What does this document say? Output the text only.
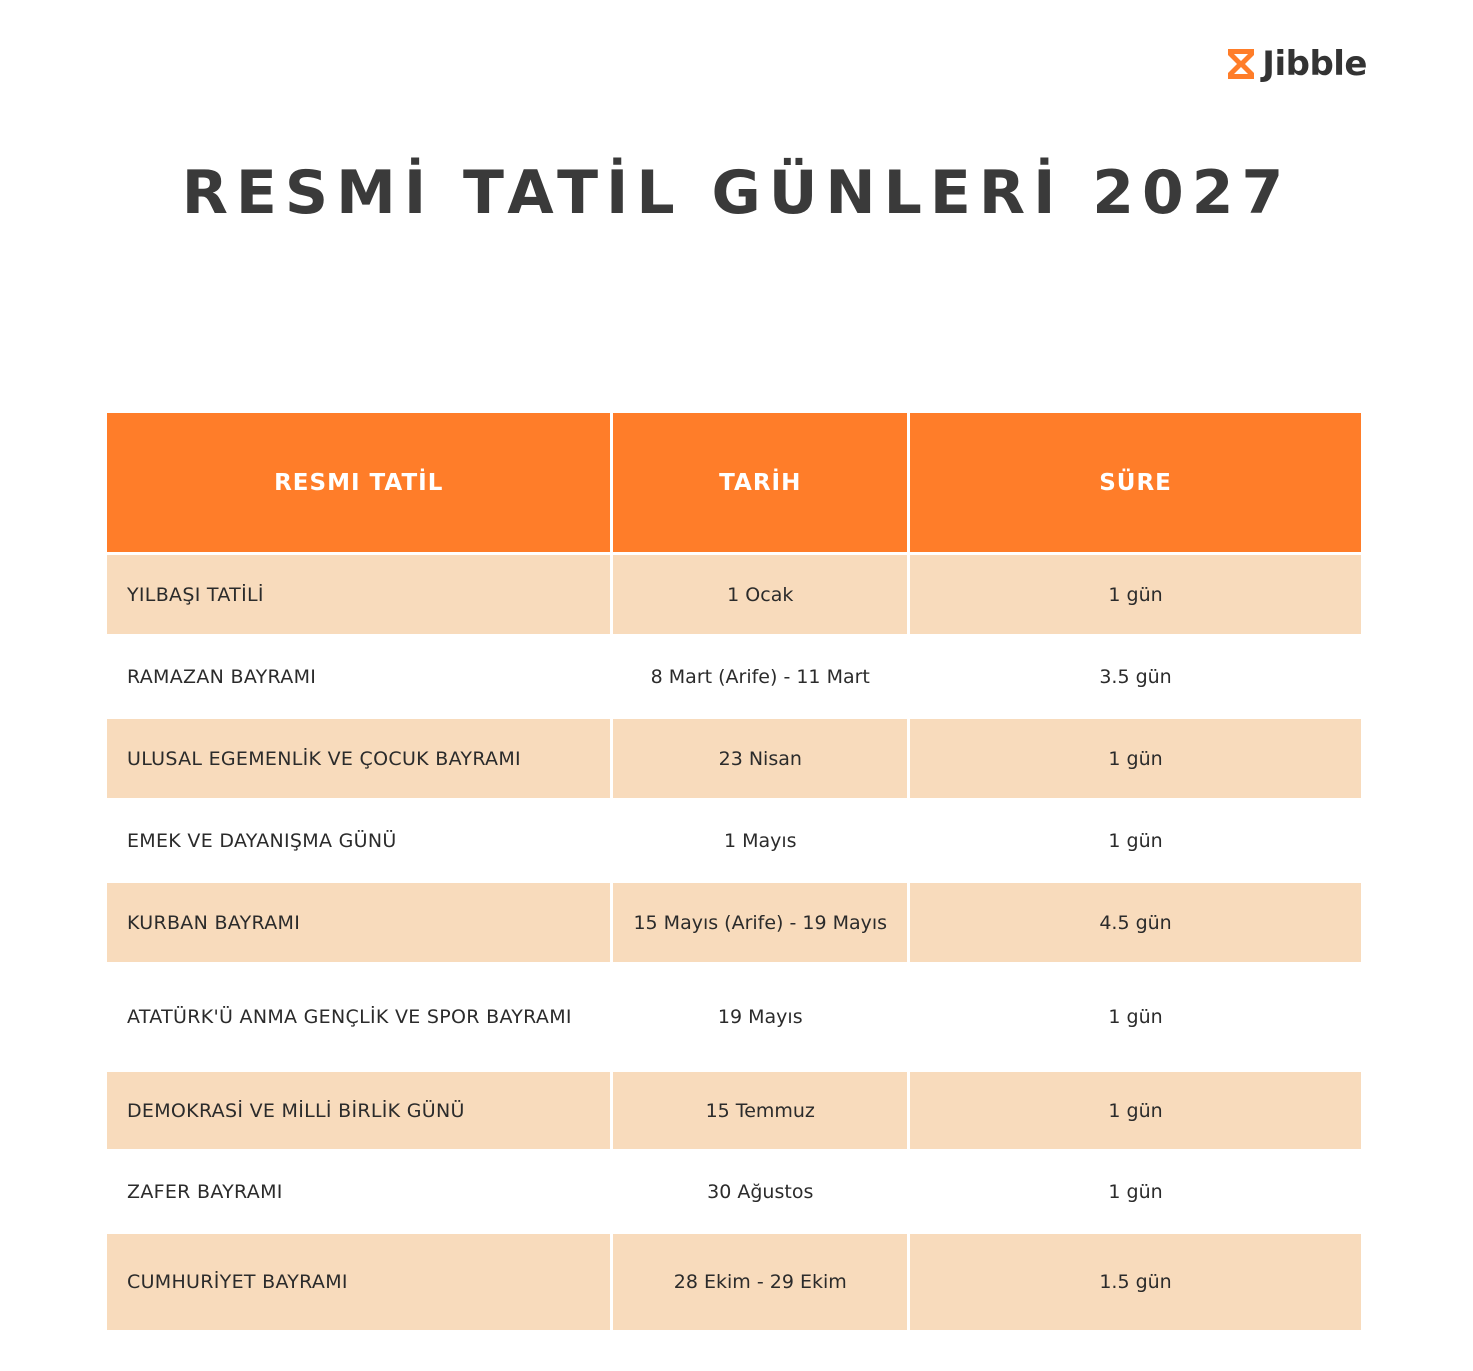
Jibble
RESMİ TATİL GÜNLERİ 2027
RESMI TATİL	TARİH	SÜRE
YILBAŞI TATİLİ	1 Ocak	1 gün
RAMAZAN BAYRAMI	8 Mart (Arife) - 11 Mart	3.5 gün
ULUSAL EGEMENLİK VE ÇOCUK BAYRAMI	23 Nisan	1 gün
EMEK VE DAYANIŞMA GÜNÜ	1 Mayıs	1 gün
KURBAN BAYRAMI	15 Mayıs (Arife) - 19 Mayıs	4.5 gün
ATATÜRK'Ü ANMA GENÇLİK VE SPOR BAYRAMI	19 Mayıs	1 gün
DEMOKRASİ VE MİLLİ BİRLİK GÜNÜ	15 Temmuz	1 gün
ZAFER BAYRAMI	30 Ağustos	1 gün
CUMHURİYET BAYRAMI	28 Ekim - 29 Ekim	1.5 gün
